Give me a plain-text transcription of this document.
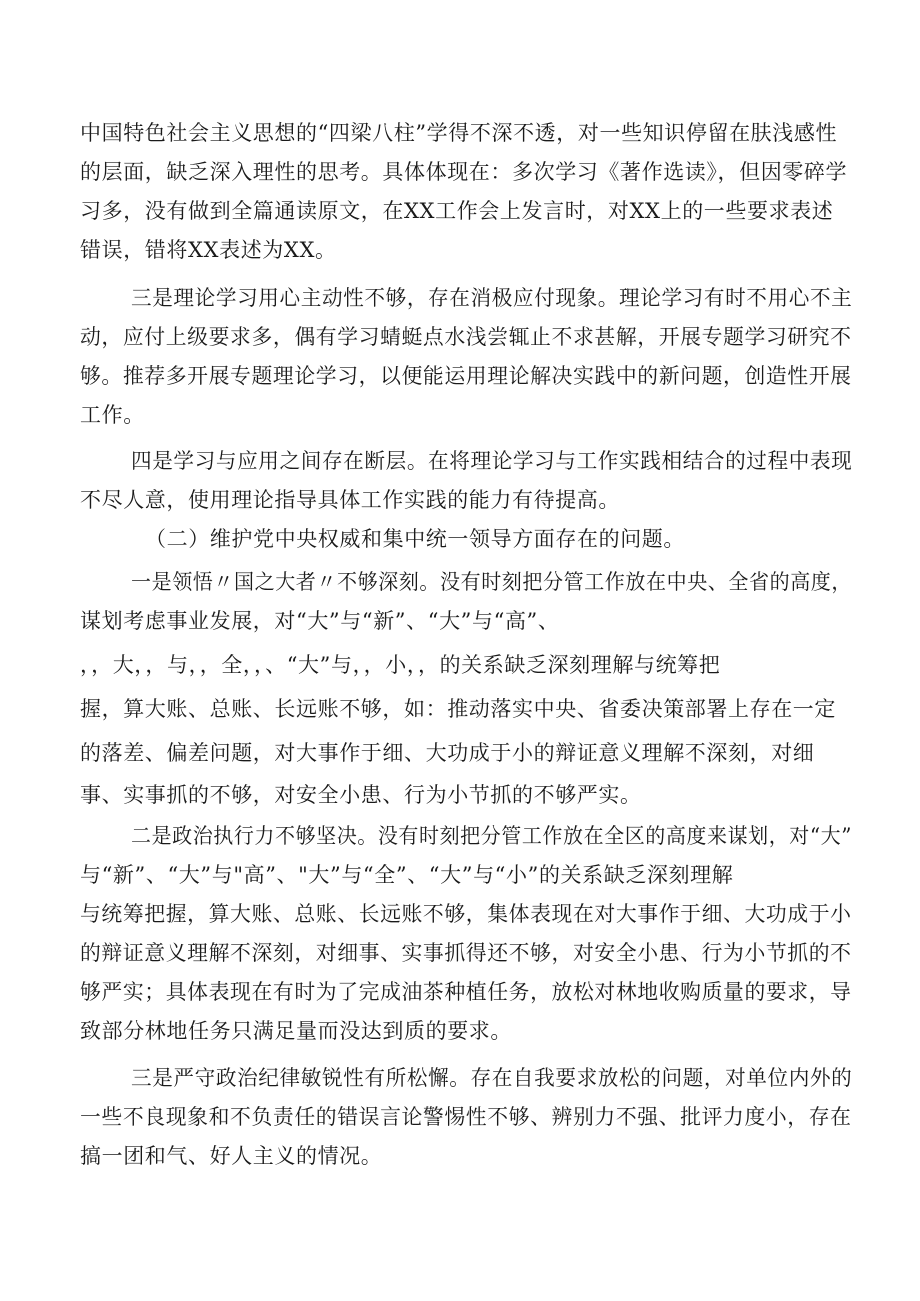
中国特色社会主义思想的“四梁八柱”学得不深不透，对一些知识停留在肤浅感性
的层面，缺乏深入理性的思考。具体体现在：多次学习《著作选读》，但因零碎学
习多，没有做到全篇通读原文，在XX工作会上发言时，对XX上的一些要求表述
错误，错将XX表述为XX。
三是理论学习用心主动性不够，存在消极应付现象。理论学习有时不用心不主
动，应付上级要求多，偶有学习蜻蜓点水浅尝辄止不求甚解，开展专题学习研究不
够。推荐多开展专题理论学习，以便能运用理论解决实践中的新问题，创造性开展
工作。
四是学习与应用之间存在断层。在将理论学习与工作实践相结合的过程中表现
不尽人意，使用理论指导具体工作实践的能力有待提高。
（二）维护党中央权威和集中统一领导方面存在的问题。
一是领悟〃国之大者〃不够深刻。没有时刻把分管工作放在中央、全省的高度，
谋划考虑事业发展，对“大”与“新”、“大”与“高”、
，，大，，与，，全，，、“大”与，，小，，的关系缺乏深刻理解与统筹把
握，算大账、总账、长远账不够，如：推动落实中央、省委决策部署上存在一定
的落差、偏差问题，对大事作于细、大功成于小的辩证意义理解不深刻，对细
事、实事抓的不够，对安全小患、行为小节抓的不够严实。
二是政治执行力不够坚决。没有时刻把分管工作放在全区的高度来谋划，对“大”
与“新”、“大”与"高”、"大”与“全”、“大”与“小”的关系缺乏深刻理解
与统筹把握，算大账、总账、长远账不够，集体表现在对大事作于细、大功成于小
的辩证意义理解不深刻，对细事、实事抓得还不够，对安全小患、行为小节抓的不
够严实；具体表现在有时为了完成油茶种植任务，放松对林地收购质量的要求，导
致部分林地任务只满足量而没达到质的要求。
三是严守政治纪律敏锐性有所松懈。存在自我要求放松的问题，对单位内外的
一些不良现象和不负责任的错误言论警惕性不够、辨别力不强、批评力度小，存在
搞一团和气、好人主义的情况。
